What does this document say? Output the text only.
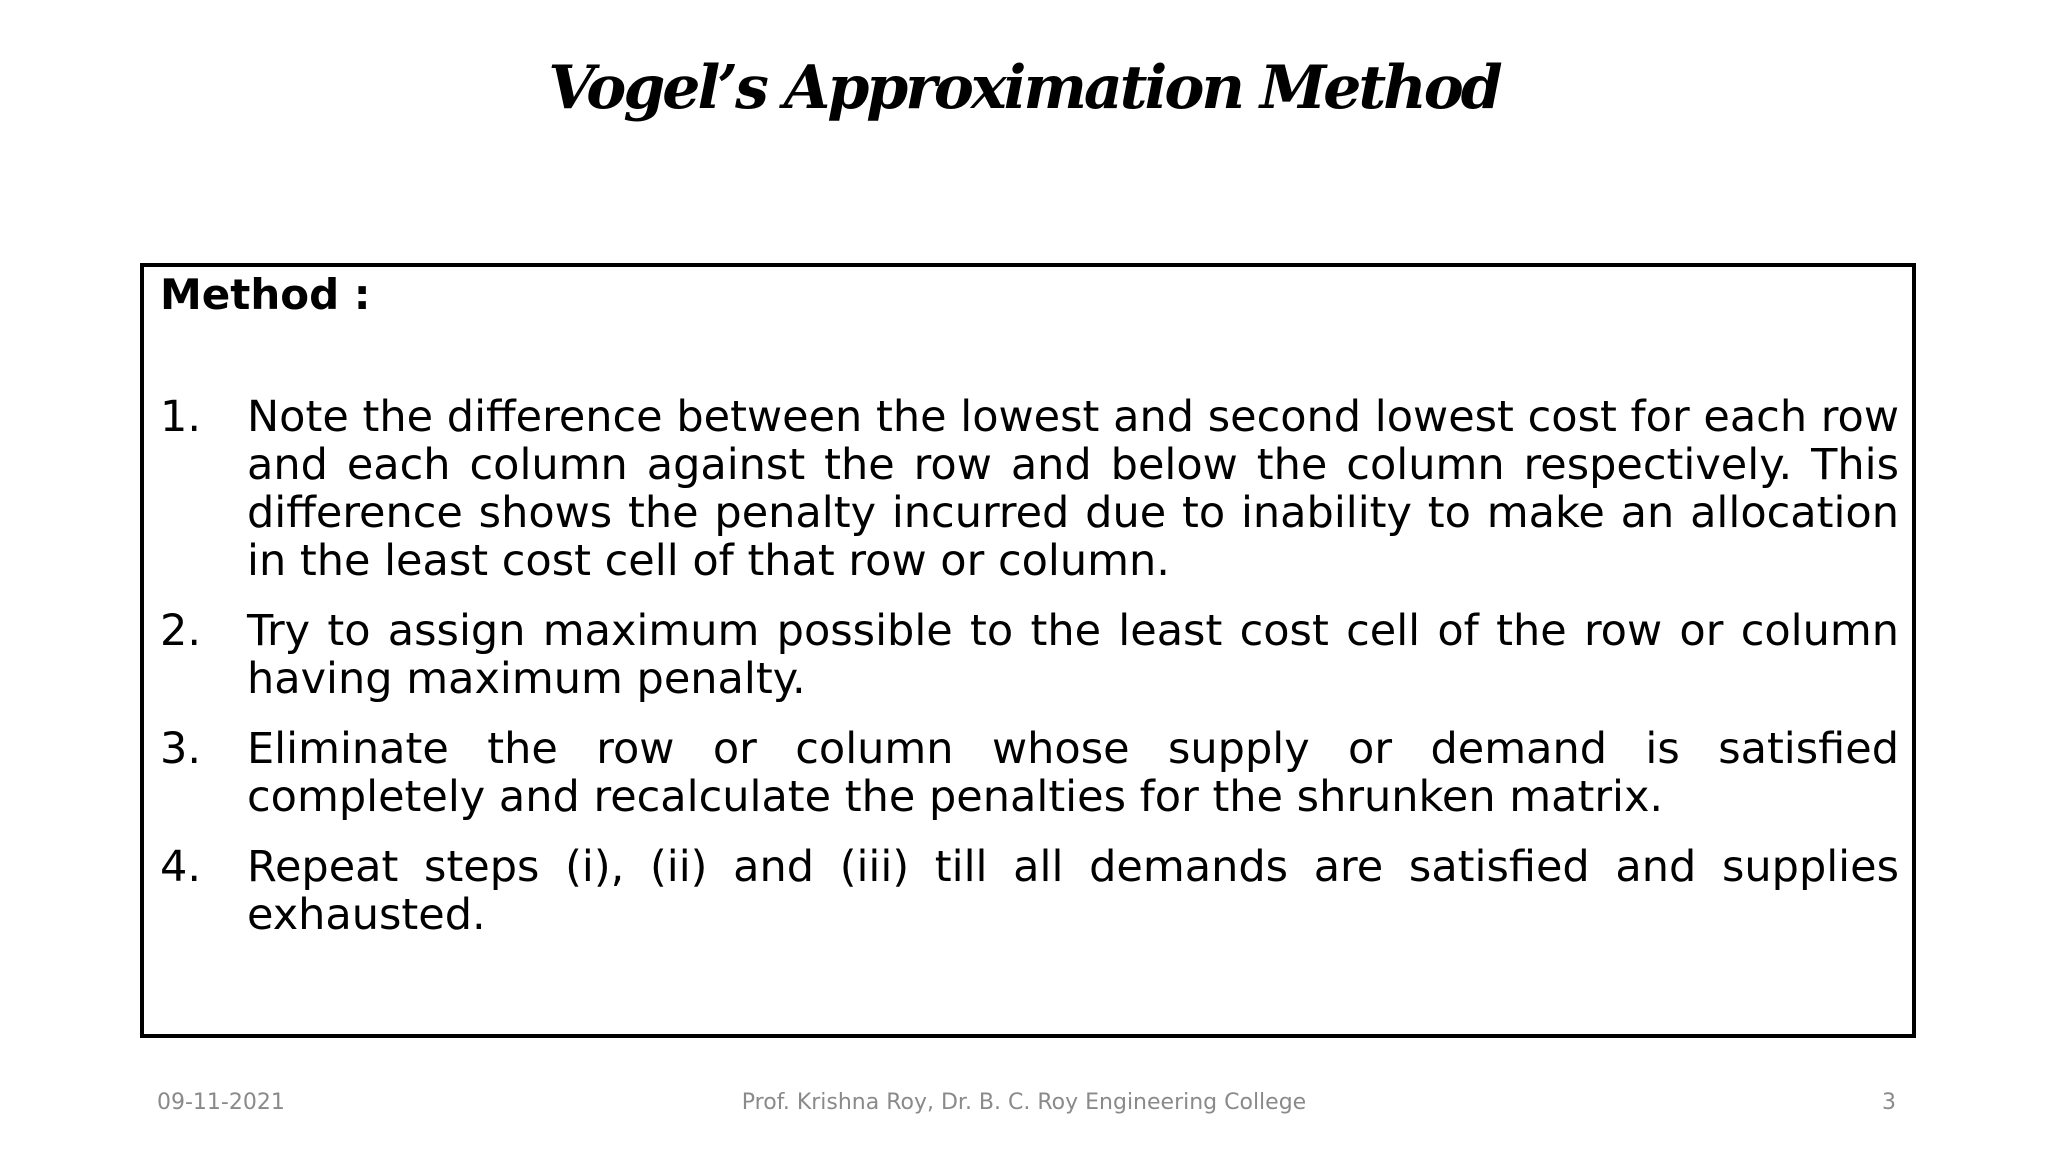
Vogel’s Approximation Method
Method :
1.	Note the difference between the lowest and second lowest cost for each row and each column against the row and below the column respectively. This difference shows the penalty incurred due to inability to make an allocation in the least cost cell of that row or column.
2.	Try to assign maximum possible to the least cost cell of the row or column having maximum penalty.
3.	Eliminate the row or column whose supply or demand is satisfied completely and recalculate the penalties for the shrunken matrix.
4.	Repeat steps (i), (ii) and (iii) till all demands are satisfied and supplies exhausted.
09-11-2021	Prof. Krishna Roy, Dr. B. C. Roy Engineering College	3
